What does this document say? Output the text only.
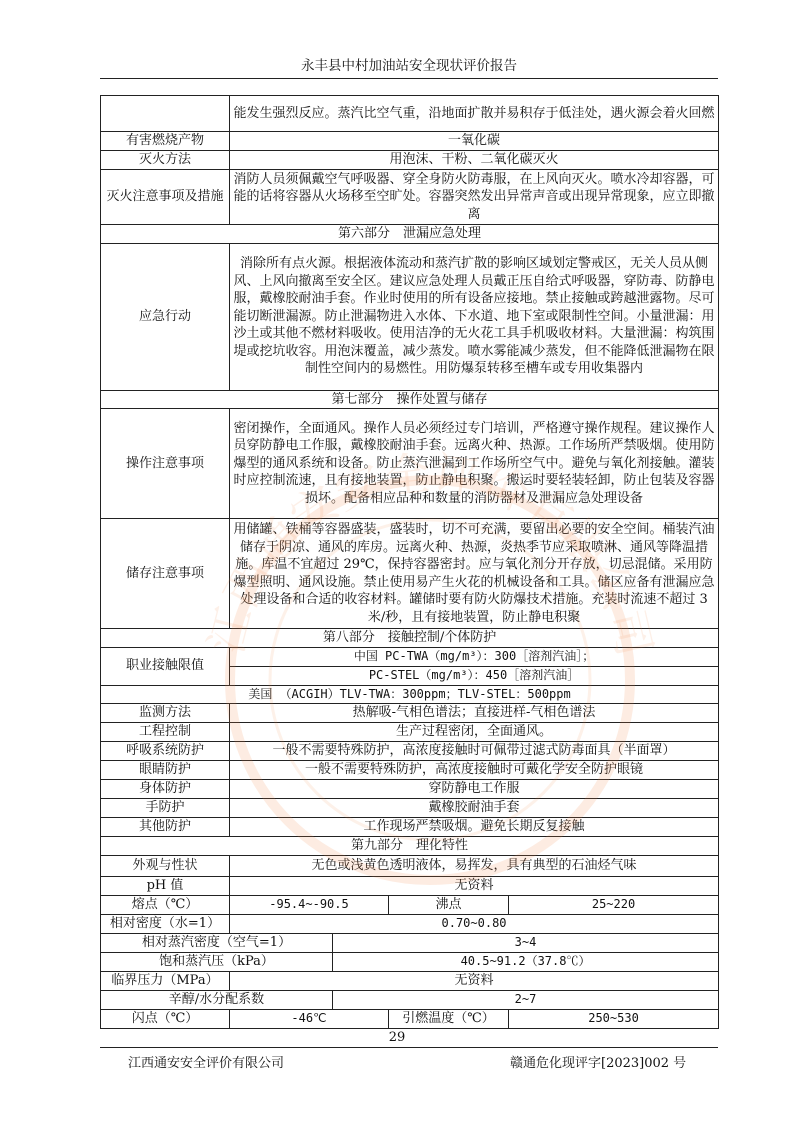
永丰县中村加油站安全现状评价报告
	能发生强烈反应。蒸汽比空气重，沿地面扩散并易积存于低洼处，遇火源会着火回燃			
有害燃烧产物	一氧化碳			
灭火方法	用泡沫、干粉、二氧化碳灭火			
灭火注意事项及措施	消防人员须佩戴空气呼吸器、穿全身防火防毒服，在上风向灭火。喷水冷却容器，可能的话将容器从火场移至空旷处。容器突然发出异常声音或出现异常现象，应立即撤离			
第六部分　泄漏应急处理				
应急行动	消除所有点火源。根据液体流动和蒸汽扩散的影响区域划定警戒区，无关人员从侧风、上风向撤离至安全区。建议应急处理人员戴正压自给式呼吸器，穿防毒、防静电服，戴橡胶耐油手套。作业时使用的所有设备应接地。禁止接触或跨越泄露物。尽可能切断泄漏源。防止泄漏物进入水体、下水道、地下室或限制性空间。小量泄漏：用沙土或其他不燃材料吸收。使用洁净的无火花工具手机吸收材料。大量泄漏：构筑围堤或挖坑收容。用泡沫覆盖，减少蒸发。喷水雾能减少蒸发，但不能降低泄漏物在限制性空间内的易燃性。用防爆泵转移至槽车或专用收集器内			
第七部分　操作处置与储存				
操作注意事项	密闭操作，全面通风。操作人员必须经过专门培训，严格遵守操作规程。建议操作人员穿防静电工作服，戴橡胶耐油手套。远离火种、热源。工作场所严禁吸烟。使用防爆型的通风系统和设备。防止蒸汽泄漏到工作场所空气中。避免与氧化剂接触。灌装时应控制流速，且有接地装置，防止静电积聚。搬运时要轻装轻卸，防止包装及容器损坏。配备相应品种和数量的消防器材及泄漏应急处理设备			
储存注意事项	用储罐、铁桶等容器盛装，盛装时，切不可充满，要留出必要的安全空间。桶装汽油储存于阴凉、通风的库房。远离火种、热源，炎热季节应采取喷淋、通风等降温措施。库温不宜超过 29℃，保持容器密封。应与氧化剂分开存放，切忌混储。采用防爆型照明、通风设施。禁止使用易产生火花的机械设备和工具。储区应备有泄漏应急处理设备和合适的收容材料。罐储时要有防火防爆技术措施。充装时流速不超过 3 米/秒，且有接地装置，防止静电积聚			
第八部分　接触控制/个体防护				
职业接触限值	中国 PC-TWA（mg/m³）：300［溶剂汽油］；			
	PC-STEL（mg/m³）：450［溶剂汽油］			
美国 （ACGIH）TLV-TWA：300ppm；TLV-STEL：500ppm				
监测方法	热解吸-气相色谱法；直接进样-气相色谱法			
工程控制	生产过程密闭，全面通风。			
呼吸系统防护	一般不需要特殊防护，高浓度接触时可佩带过滤式防毒面具（半面罩）			
眼睛防护	一般不需要特殊防护，高浓度接触时可戴化学安全防护眼镜			
身体防护	穿防静电工作服			
手防护	戴橡胶耐油手套			
其他防护	工作现场严禁吸烟。避免长期反复接触			
第九部分　理化特性				
外观与性状	无色或浅黄色透明液体，易挥发，具有典型的石油烃气味			
pH 值	无资料			
熔点（℃）	-95.4~-90.5		沸点	25~220
相对密度（水=1）	0.70~0.80			
相对蒸汽密度（空气=1）		3~4		
饱和蒸汽压（kPa）		40.5~91.2（37.8℃）		
临界压力（MPa）	无资料			
辛醇/水分配系数		2~7		
闪点（℃）	-46℃		引燃温度（℃）	250~530
江西通安安全评价有限公司
29
江西通安安全评价有限公司	赣通危化现评字[2023]002 号
